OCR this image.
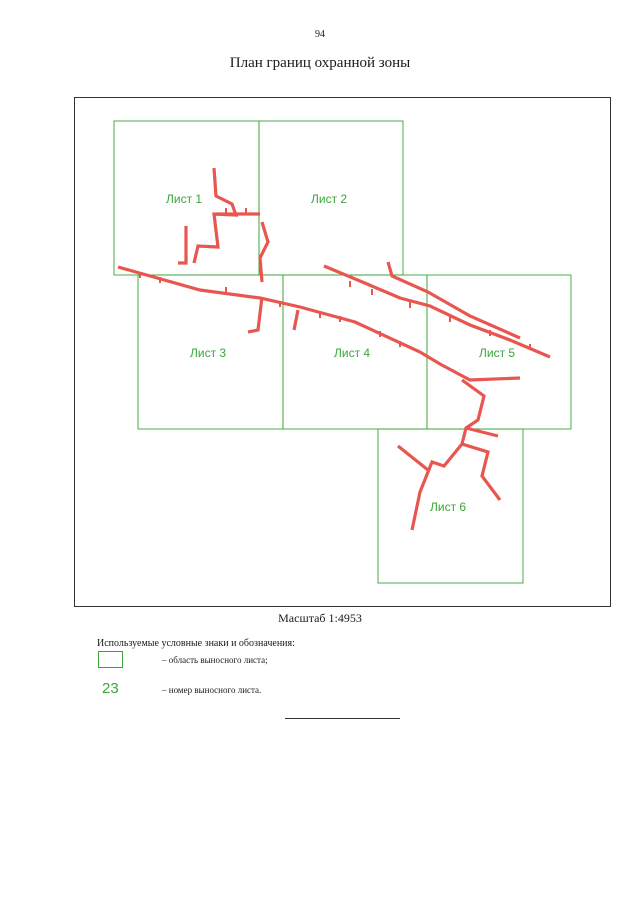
94
План границ охранной зоны
Лист 1	Лист 2
Лист 3	Лист 4	Лист 5
Лист 6
Масштаб 1:4953
Используемые условные знаки и обозначения:
– область выносного листа;
23	– номер выносного листа.
